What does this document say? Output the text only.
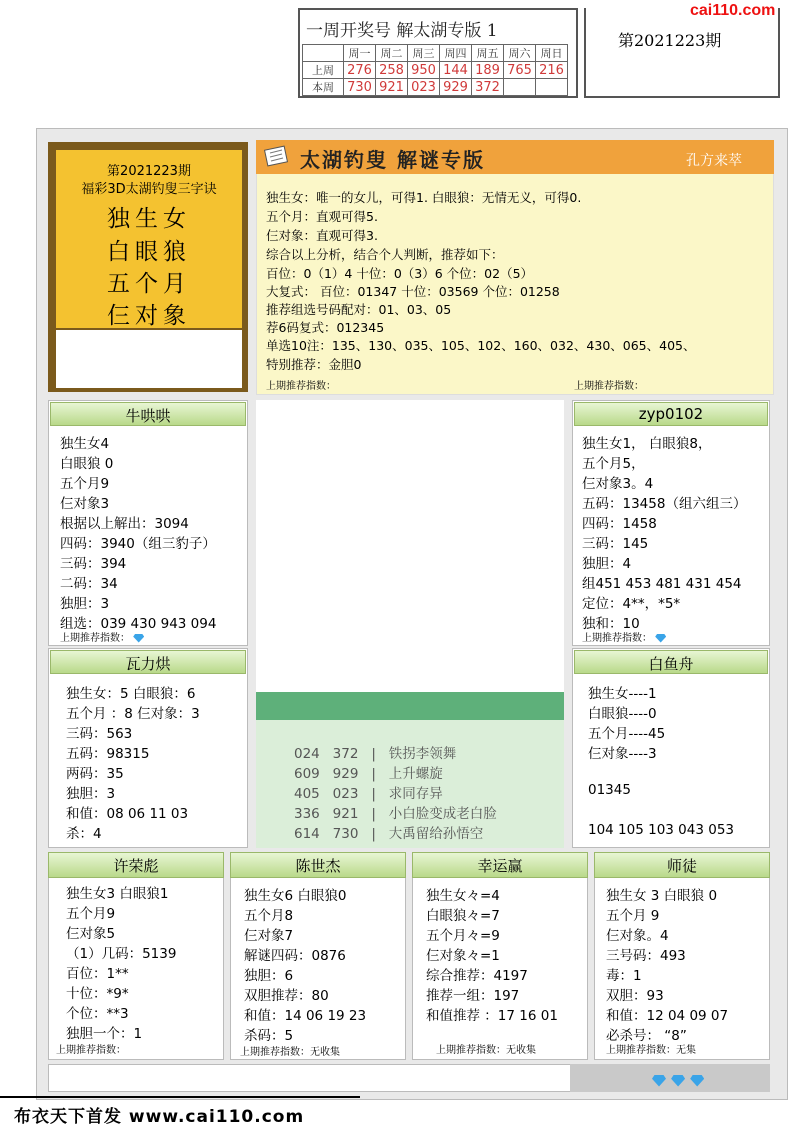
一周开奖号 解太湖专版 1
	周一	周二	周三	周四	周五	周六	周日
上周	276	258	950	144	189	765	216
本周	730	921	023	929	372		
第2021223期
cai110.com
第2021223期
福彩3D太湖钓叟三字诀
独生女
白眼狼
五个月
仨对象
太湖钓叟 解谜专版	孔方来萃
独生女：唯一的女儿，可得1. 白眼狼：无情无义，可得0.
五个月：直观可得5.
仨对象：直观可得3.
综合以上分析，结合个人判断，推荐如下：
百位：0（1）4 十位：0（3）6 个位：02（5）
大复式： 百位：01347 十位：03569 个位：01258
推荐组选号码配对：01、03、05
荐6码复式：012345
单选10注：135、130、035、105、102、160、032、430、065、405、
特别推荐：金胆0
上期推荐指数：	上期推荐指数：
024 372 | 铁拐李领舞
609 929 | 上升螺旋
405 023 | 求同存异
336 921 | 小白脸变成老白脸
614 730 | 大禹留给孙悟空
牛哄哄
独生女4
白眼狼 0
五个月9
仨对象3
根据以上解出：3094
四码：3940（组三豹子）
三码：394
二码：34
独胆：3
组选：039 430 943 094
上期推荐指数：
zyp0102
独生女1， 白眼狼8，
五个月5，
仨对象3。4
五码：13458（组六组三）
四码：1458
三码：145
独胆：4
组451 453 481 431 454
定位：4**，*5*
独和：10
上期推荐指数：
瓦力烘
独生女：5 白眼狼：6
五个月 ：8 仨对象：3
三码：563
五码：98315
两码：35
独胆：3
和值：08 06 11 03
杀：4
白鱼舟
独生女----1
白眼狼----0
五个月----45
仨对象----3
01345
104 105 103 043 053
许荣彪
独生女3 白眼狼1
五个月9
仨对象5
（1）几码：5139
百位：1**
十位：*9*
个位：**3
独胆一个：1
上期推荐指数：
陈世杰
独生女6 白眼狼0
五个月8
仨对象7
解谜四码：0876
独胆：6
双胆推荐：80
和值：14 06 19 23
杀码：5
上期推荐指数：无收集
幸运赢
独生女々=4
白眼狼々=7
五个月々=9
仨对象々=1
综合推荐：4197
推荐一组：197
和值推荐 ：17 16 01
上期推荐指数：无收集
师徒
独生女 3 白眼狼 0
五个月 9
仨对象。4
三号码：493
毒：1
双胆：93
和值：12 04 09 07
必杀号： “8”
上期推荐指数：无集

布衣天下首发 www.cai110.com
